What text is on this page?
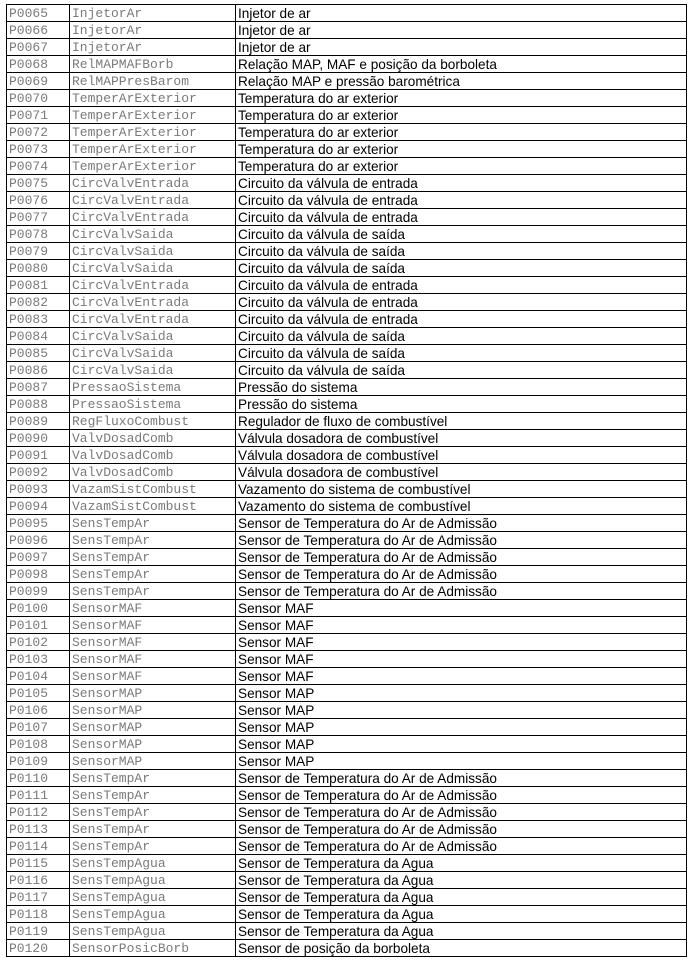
P0065	InjetorAr	Injetor de ar
P0066	InjetorAr	Injetor de ar
P0067	InjetorAr	Injetor de ar
P0068	RelMAPMAFBorb	Relação MAP, MAF e posição da borboleta
P0069	RelMAPPresBarom	Relação MAP e pressão barométrica
P0070	TemperArExterior	Temperatura do ar exterior
P0071	TemperArExterior	Temperatura do ar exterior
P0072	TemperArExterior	Temperatura do ar exterior
P0073	TemperArExterior	Temperatura do ar exterior
P0074	TemperArExterior	Temperatura do ar exterior
P0075	CircValvEntrada	Circuito da válvula de entrada
P0076	CircValvEntrada	Circuito da válvula de entrada
P0077	CircValvEntrada	Circuito da válvula de entrada
P0078	CircValvSaida	Circuito da válvula de saída
P0079	CircValvSaida	Circuito da válvula de saída
P0080	CircValvSaida	Circuito da válvula de saída
P0081	CircValvEntrada	Circuito da válvula de entrada
P0082	CircValvEntrada	Circuito da válvula de entrada
P0083	CircValvEntrada	Circuito da válvula de entrada
P0084	CircValvSaida	Circuito da válvula de saída
P0085	CircValvSaida	Circuito da válvula de saída
P0086	CircValvSaida	Circuito da válvula de saída
P0087	PressaoSistema	Pressão do sistema
P0088	PressaoSistema	Pressão do sistema
P0089	RegFluxoCombust	Regulador de fluxo de combustível
P0090	ValvDosadComb	Válvula dosadora de combustível
P0091	ValvDosadComb	Válvula dosadora de combustível
P0092	ValvDosadComb	Válvula dosadora de combustível
P0093	VazamSistCombust	Vazamento do sistema de combustível
P0094	VazamSistCombust	Vazamento do sistema de combustível
P0095	SensTempAr	Sensor de Temperatura do Ar de Admissão
P0096	SensTempAr	Sensor de Temperatura do Ar de Admissão
P0097	SensTempAr	Sensor de Temperatura do Ar de Admissão
P0098	SensTempAr	Sensor de Temperatura do Ar de Admissão
P0099	SensTempAr	Sensor de Temperatura do Ar de Admissão
P0100	SensorMAF	Sensor MAF
P0101	SensorMAF	Sensor MAF
P0102	SensorMAF	Sensor MAF
P0103	SensorMAF	Sensor MAF
P0104	SensorMAF	Sensor MAF
P0105	SensorMAP	Sensor MAP
P0106	SensorMAP	Sensor MAP
P0107	SensorMAP	Sensor MAP
P0108	SensorMAP	Sensor MAP
P0109	SensorMAP	Sensor MAP
P0110	SensTempAr	Sensor de Temperatura do Ar de Admissão
P0111	SensTempAr	Sensor de Temperatura do Ar de Admissão
P0112	SensTempAr	Sensor de Temperatura do Ar de Admissão
P0113	SensTempAr	Sensor de Temperatura do Ar de Admissão
P0114	SensTempAr	Sensor de Temperatura do Ar de Admissão
P0115	SensTempAgua	Sensor de Temperatura da Agua
P0116	SensTempAgua	Sensor de Temperatura da Agua
P0117	SensTempAgua	Sensor de Temperatura da Agua
P0118	SensTempAgua	Sensor de Temperatura da Agua
P0119	SensTempAgua	Sensor de Temperatura da Agua
P0120	SensorPosicBorb	Sensor de posição da borboleta
